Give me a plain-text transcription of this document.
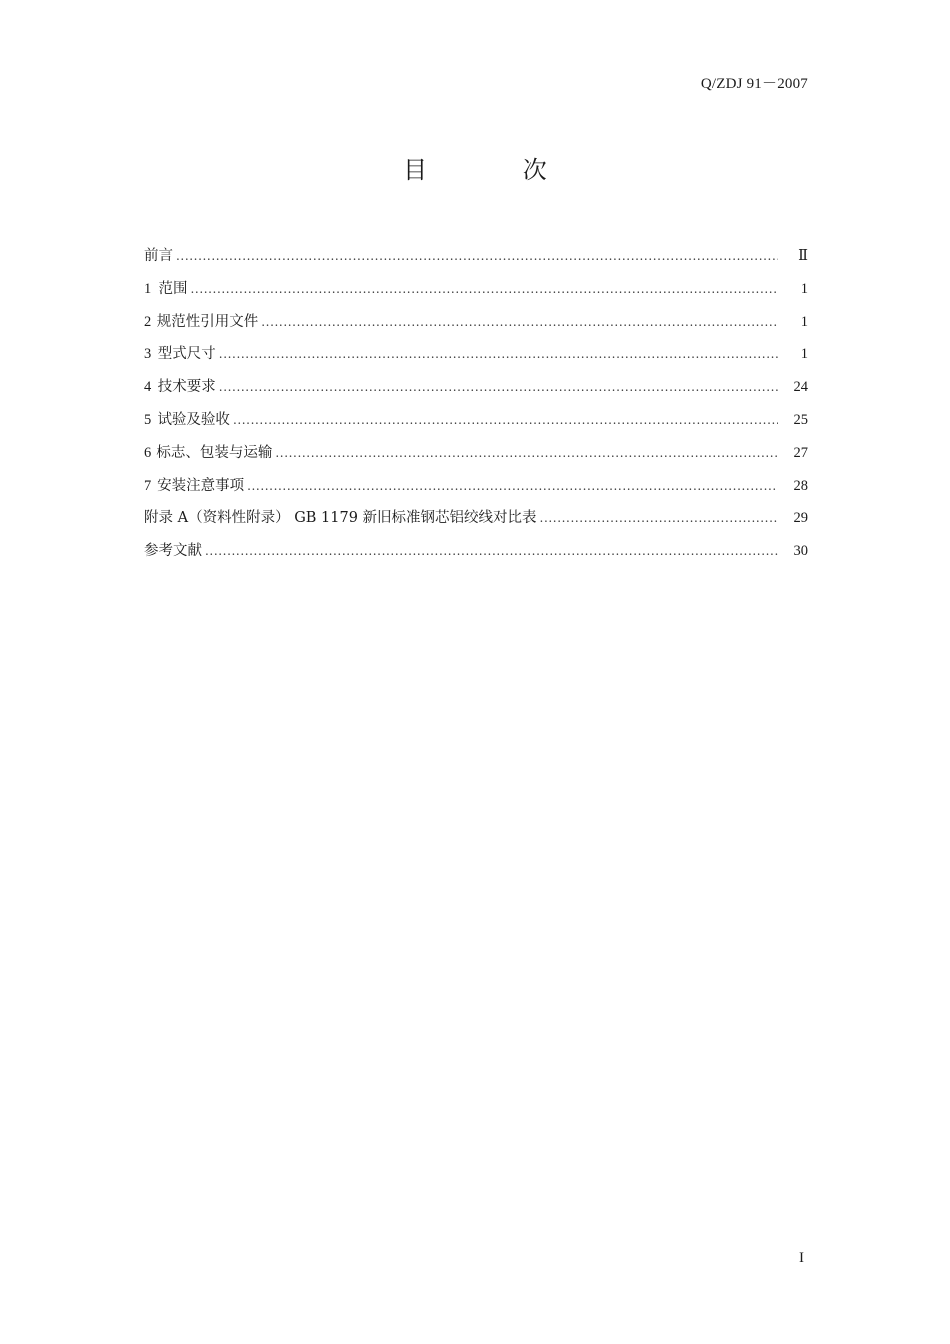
Q/ZDJ 91－2007
目 次
前言 .....	Ⅱ
1 范围 .....	1
2 规范性引用文件 .....	1
3 型式尺寸 .....	1
4 技术要求 .....	24
5 试验及验收 .....	25
6 标志、包装与运输 .....	27
7 安装注意事项 .....	28
附录 A（资料性附录） GB 1179 新旧标准钢芯铝绞线对比表 .....	29
参考文献 .....	30
I
